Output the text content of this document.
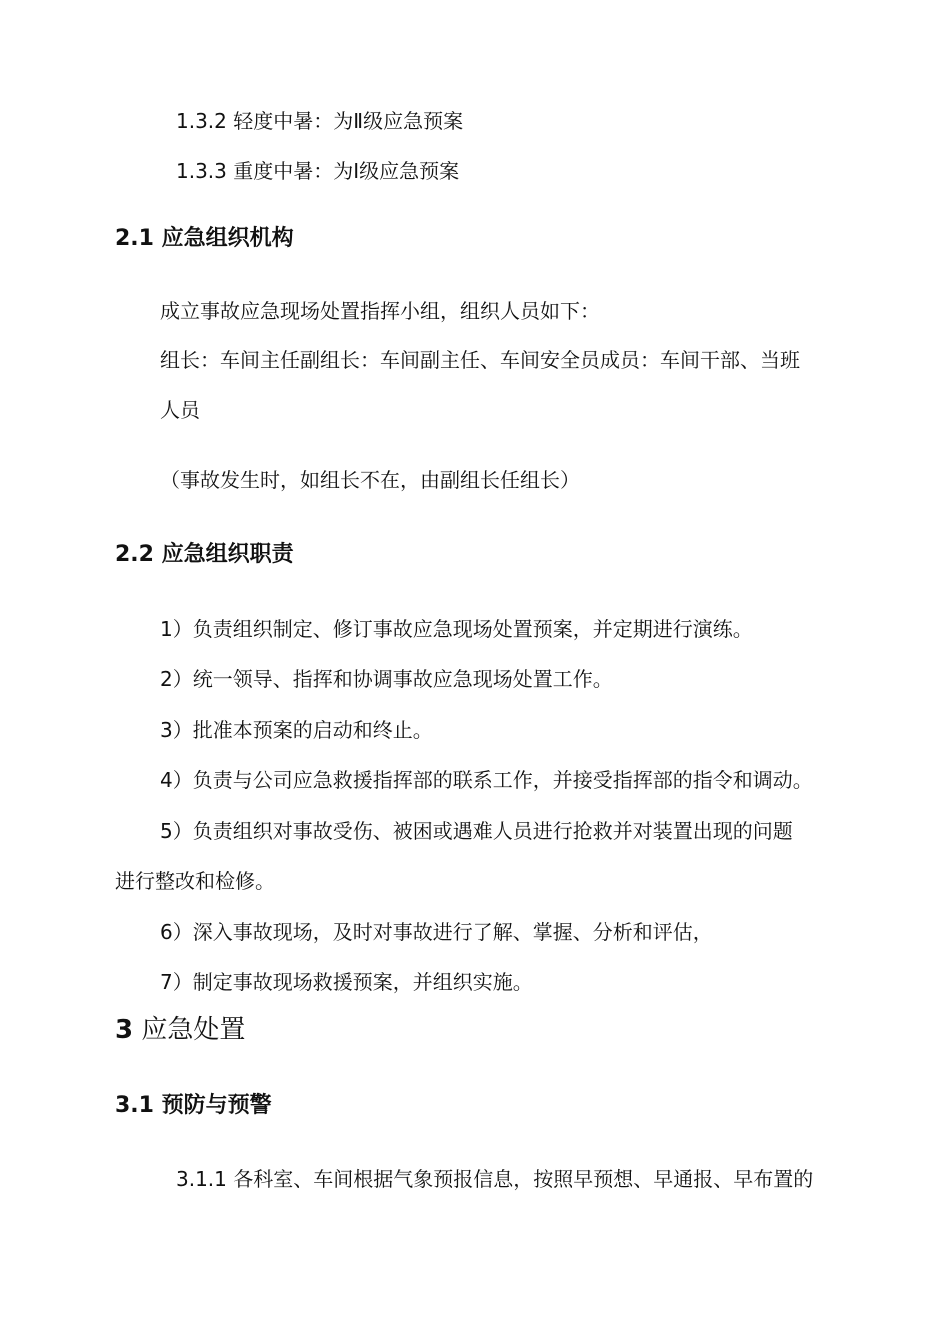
1.3.2 轻度中暑：为Ⅱ级应急预案
1.3.3 重度中暑：为Ⅰ级应急预案
2.1 应急组织机构
成立事故应急现场处置指挥小组，组织人员如下：
组长：车间主任副组长：车间副主任、车间安全员成员：车间干部、当班
人员
（事故发生时，如组长不在，由副组长任组长）
2.2 应急组织职责
1）负责组织制定、修订事故应急现场处置预案，并定期进行演练。
2）统一领导、指挥和协调事故应急现场处置工作。
3）批准本预案的启动和终止。
4）负责与公司应急救援指挥部的联系工作，并接受指挥部的指令和调动。
5）负责组织对事故受伤、被困或遇难人员进行抢救并对装置出现的问题
进行整改和检修。
6）深入事故现场，及时对事故进行了解、掌握、分析和评估，
7）制定事故现场救援预案，并组织实施。
3 应急处置
3.1 预防与预警
3.1.1 各科室、车间根据气象预报信息，按照早预想、早通报、早布置的
